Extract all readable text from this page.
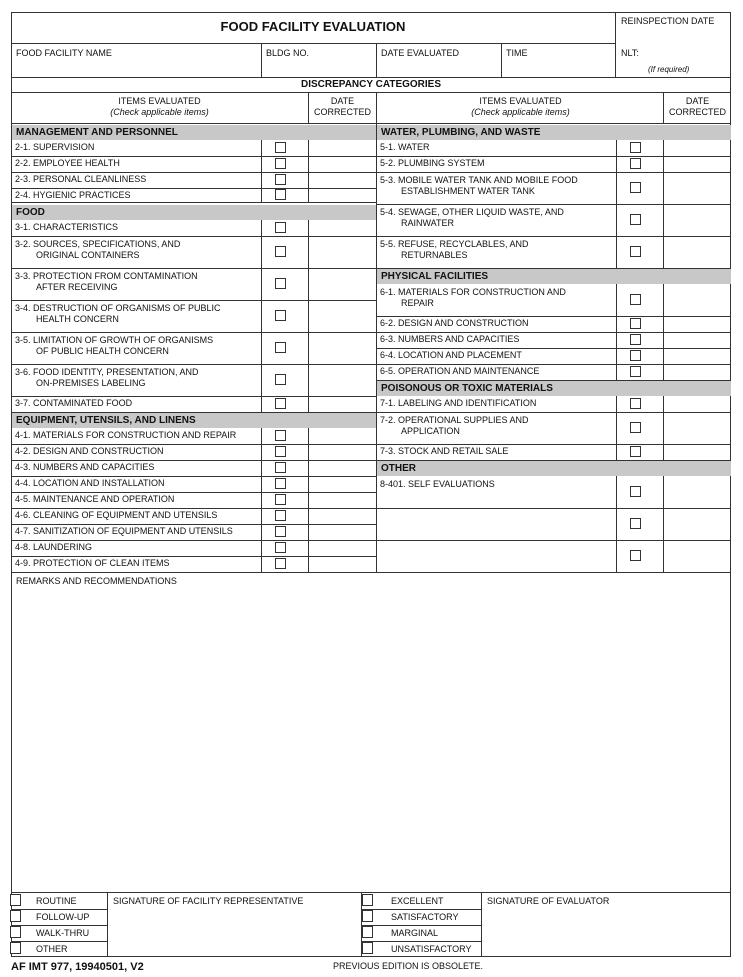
FOOD FACILITY EVALUATION	REINSPECTION DATE
FOOD FACILITY NAME	BLDG NO.	DATE EVALUATED	TIME	NLT:
(If required)
DISCREPANCY CATEGORIES
ITEMS EVALUATED
(Check applicable items)
DATE
CORRECTED
ITEMS EVALUATED
(Check applicable items)
DATE
CORRECTED
MANAGEMENT AND PERSONNEL
2-1. SUPERVISION
2-2. EMPLOYEE HEALTH
2-3. PERSONAL CLEANLINESS
2-4. HYGIENIC PRACTICES
FOOD
3-1. CHARACTERISTICS
3-2. SOURCES, SPECIFICATIONS, AND
ORIGINAL CONTAINERS
3-3. PROTECTION FROM CONTAMINATION
AFTER RECEIVING
3-4. DESTRUCTION OF ORGANISMS OF PUBLIC
HEALTH CONCERN
3-5. LIMITATION OF GROWTH OF ORGANISMS
OF PUBLIC HEALTH CONCERN
3-6. FOOD IDENTITY, PRESENTATION, AND
ON-PREMISES LABELING
3-7. CONTAMINATED FOOD
EQUIPMENT, UTENSILS, AND LINENS
4-1. MATERIALS FOR CONSTRUCTION AND REPAIR
4-2. DESIGN AND CONSTRUCTION
4-3. NUMBERS AND CAPACITIES
4-4. LOCATION AND INSTALLATION
4-5. MAINTENANCE AND OPERATION
4-6. CLEANING OF EQUIPMENT AND UTENSILS
4-7. SANITIZATION OF EQUIPMENT AND UTENSILS
4-8. LAUNDERING
4-9. PROTECTION OF CLEAN ITEMS
WATER, PLUMBING, AND WASTE
PHYSICAL FACILITIES
POISONOUS OR TOXIC MATERIALS
OTHER
5-1. WATER
5-2. PLUMBING SYSTEM
5-3. MOBILE WATER TANK AND MOBILE FOOD
ESTABLISHMENT WATER TANK
5-4. SEWAGE, OTHER LIQUID WASTE, AND
RAINWATER
5-5. REFUSE, RECYCLABLES, AND
RETURNABLES
6-1. MATERIALS FOR CONSTRUCTION AND
REPAIR
6-2. DESIGN AND CONSTRUCTION
6-3. NUMBERS AND CAPACITIES
6-4. LOCATION AND PLACEMENT
6-5. OPERATION AND MAINTENANCE
7-1. LABELING AND IDENTIFICATION
7-2. OPERATIONAL SUPPLIES AND
APPLICATION
7-3. STOCK AND RETAIL SALE
8-401. SELF EVALUATIONS
REMARKS AND RECOMMENDATIONS
ROUTINE
FOLLOW-UP
WALK-THRU
OTHER
EXCELLENT
SATISFACTORY
MARGINAL
UNSATISFACTORY
SIGNATURE OF FACILITY REPRESENTATIVE	SIGNATURE OF EVALUATOR
AF IMT 977, 19940501, V2	PREVIOUS EDITION IS OBSOLETE.
